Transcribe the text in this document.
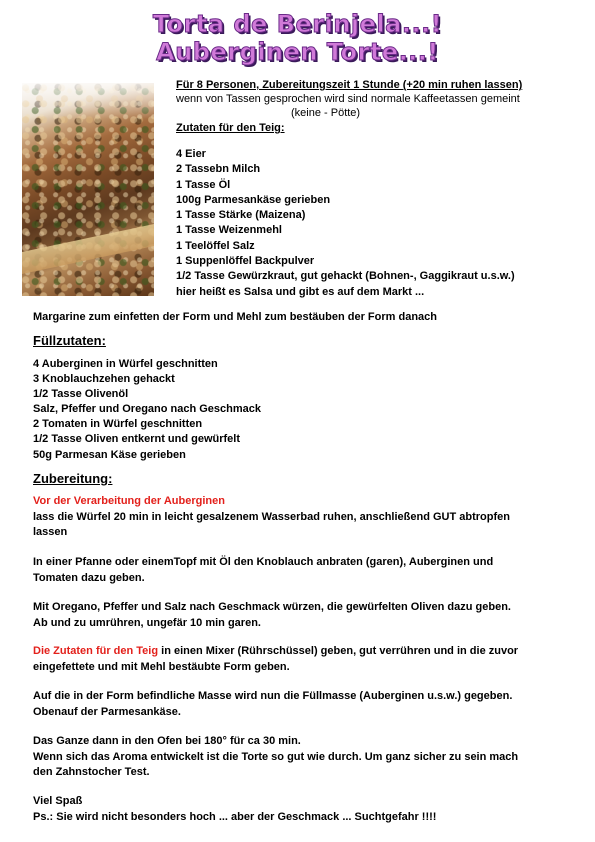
Torta de Berinjela...!
Auberginen Torte...!
Für 8 Personen, Zubereitungszeit 1 Stunde (+20 min ruhen lassen)
wenn von Tassen gesprochen wird sind normale Kaffeetassen gemeint
(keine - Pötte)
Zutaten für den Teig:
4 Eier
2 Tassebn Milch
1 Tasse Öl
100g Parmesankäse gerieben
1 Tasse Stärke (Maizena)
1 Tasse Weizenmehl
1 Teelöffel Salz
1 Suppenlöffel Backpulver
1/2 Tasse Gewürzkraut, gut gehackt (Bohnen-, Gaggikraut u.s.w.)
hier heißt es Salsa und gibt es auf dem Markt ...
Margarine zum einfetten der Form und Mehl zum bestäuben der Form danach
Füllzutaten:
4 Auberginen in Würfel geschnitten
3 Knoblauchzehen gehackt
1/2 Tasse Olivenöl
Salz, Pfeffer und Oregano nach Geschmack
2 Tomaten in Würfel geschnitten
1/2 Tasse Oliven entkernt und gewürfelt
50g Parmesan Käse gerieben
Zubereitung:
Vor der Verarbeitung der Auberginen
lass die Würfel 20 min in leicht gesalzenem Wasserbad ruhen, anschließend GUT abtropfen
lassen
In einer Pfanne oder einemTopf mit Öl den Knoblauch anbraten (garen), Auberginen und
Tomaten dazu geben.
Mit Oregano, Pfeffer und Salz nach Geschmack würzen, die gewürfelten Oliven dazu geben.
Ab und zu umrühren, ungefär 10 min garen.
Die Zutaten für den Teig in einen Mixer (Rührschüssel) geben, gut verrühren und in die zuvor
eingefettete und mit Mehl bestäubte Form geben.
Auf die in der Form befindliche Masse wird nun die Füllmasse (Auberginen u.s.w.) gegeben.
Obenauf der Parmesankäse.
Das Ganze dann in den Ofen bei 180° für ca 30 min.
Wenn sich das Aroma entwickelt ist die Torte so gut wie durch. Um ganz sicher zu sein mach
den Zahnstocher Test.
Viel Spaß
Ps.: Sie wird nicht besonders hoch ... aber der Geschmack ... Suchtgefahr !!!!
